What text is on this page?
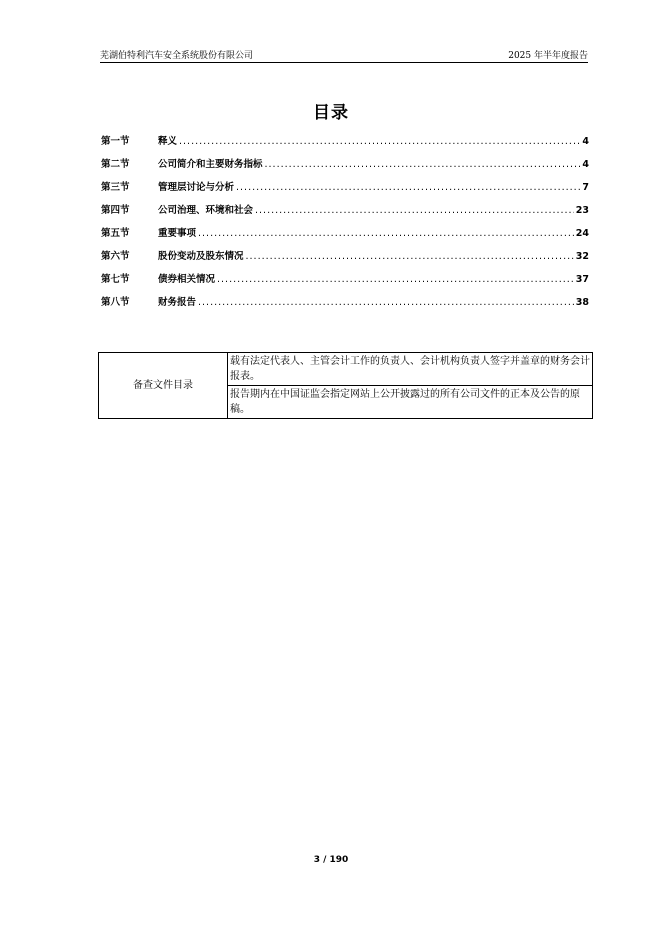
芜湖伯特利汽车安全系统股份有限公司	2025 年半年度报告
目录
第一节	释义 .....	4
第二节	公司简介和主要财务指标 .....	4
第三节	管理层讨论与分析 .....	7
第四节	公司治理、环境和社会 .....	23
第五节	重要事项 .....	24
第六节	股份变动及股东情况 .....	32
第七节	债券相关情况 .....	37
第八节	财务报告 .....	38
备查文件目录	载有法定代表人、主管会计工作的负责人、会计机构负责人签字并盖章的财务会计报表。
报告期内在中国证监会指定网站上公开披露过的所有公司文件的正本及公告的原稿。
3 / 190
